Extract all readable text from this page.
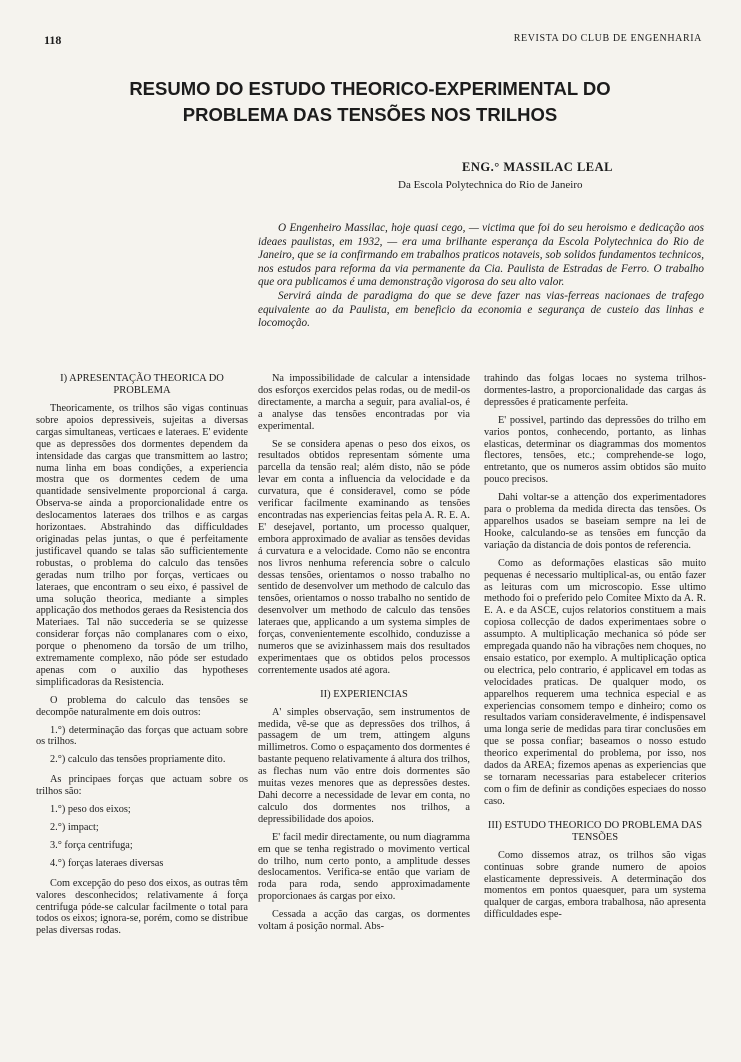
118	REVISTA DO CLUB DE ENGENHARIA
RESUMO DO ESTUDO THEORICO-EXPERIMENTAL DO
PROBLEMA DAS TENSÕES NOS TRILHOS
ENG.° MASSILAC LEAL
Da Escola Polytechnica do Rio de Janeiro

O Engenheiro Massilac, hoje quasi cego, — victima que foi do seu heroismo e dedicação aos ideaes paulistas, em 1932, — era uma brilhante esperança da Escola Polytechnica do Rio de Janeiro, que se ia confirmando em trabalhos praticos notaveis, sob solidos fundamentos technicos, nos estudos para reforma da via permanente da Cia. Paulista de Estradas de Ferro. O trabalho que ora publicamos é uma demonstração vigorosa do seu alto valor.

Servirá ainda de paradigma do que se deve fazer nas vias-ferreas nacionaes de trafego equivalente ao da Paulista, em beneficio da economia e segurança de custeio das linhas e locomoção.

I) APRESENTAÇÃO THEORICA DO PROBLEMA

Theoricamente, os trilhos são vigas continuas sobre apoios depressiveis, sujeitas a diversas cargas simultaneas, verticaes e lateraes. E' evidente que as depressões dos dormentes dependem da intensidade das cargas que transmittem ao lastro; numa linha em boas condições, a experiencia mostra que os dormentes cedem de uma quantidade sensivelmente proporcional á carga. Observa-se ainda a proporcionalidade entre os deslocamentos lateraes dos trilhos e as cargas horizontaes. Abstrahindo das difficuldades originadas pelas juntas, o que é perfeitamente justificavel quando se talas são sufficientemente robustas, o problema do calculo das tensões geradas num trilho por forças, verticaes ou lateraes, que encontram o seu eixo, é passivel de uma solução theorica, mediante a simples applicação dos methodos geraes da Resistencia dos Materiaes. Tal não succederia se se quizesse considerar forças não complanares com o eixo, porque o phenomeno da torsão de um trilho, extremamente complexo, não póde ser estudado apenas com o auxilio das hypotheses simplificadoras da Resistencia.

O problema do calculo das tensões se decompõe naturalmente em dois outros:

1.°) determinação das forças que actuam sobre os trilhos.
2.°) calculo das tensões propriamente dito.

As principaes forças que actuam sobre os trilhos são:

1.°) peso dos eixos;
2.°) impact;
3.° força centrifuga;
4.°) forças lateraes diversas

Com excepção do peso dos eixos, as outras têm valores desconhecidos; relativamente á força centrifuga póde-se calcular facilmente o total para todos os eixos; ignora-se, porém, como se distribue pelas diversas rodas.

Na impossibilidade de calcular a intensidade dos esforços exercidos pelas rodas, ou de medil-os directamente, a marcha a seguir, para avalial-os, é a analyse das tensões encontradas por via experimental.

Se se considera apenas o peso dos eixos, os resultados obtidos representam sómente uma parcella da tensão real; além disto, não se póde levar em conta a influencia da velocidade e da curvatura, que é consideravel, como se póde verificar facilmente examinando as tensões encontradas nas experiencias feitas pela A. R. E. A. E' desejavel, portanto, um processo qualquer, embora approximado de avaliar as tensões devidas á curvatura e a velocidade. Como não se encontra nos livros nenhuma referencia sobre o calculo dessas tensões, orientamos o nosso trabalho no sentido de desenvolver um methodo de calculo das tensões, orientamos o nosso trabalho no sentido de desenvolver um methodo de calculo das tensões lateraes que, applicando a um systema simples de forças, convenientemente escolhido, conduzisse a numeros que se avizinhassem mais dos resultados experimentaes que os obtidos pelos processos correntemente usados até agora.

II) EXPERIENCIAS

A' simples observação, sem instrumentos de medida, vê-se que as depressões dos trilhos, á passagem de um trem, attingem alguns millimetros. Como o espaçamento dos dormentes é bastante pequeno relativamente á altura dos trilhos, as flechas num vão entre dois dormentes são muitas vezes menores que as depressões destes. Dahi decorre a necessidade de levar em conta, no calculo dos dormentes nos trilhos, a depressibilidade dos apoios.

E' facil medir directamente, ou num diagramma em que se tenha registrado o movimento vertical do trilho, num certo ponto, a amplitude desses deslocamentos. Verifica-se então que variam de roda para roda, sendo approximadamente proporcionaes ás cargas por eixo.

Cessada a acção das cargas, os dormentes voltam á posição normal. Abs-

trahindo das folgas locaes no systema trilhos-dormentes-lastro, a proporcionalidade das cargas ás depressões é praticamente perfeita.

E' possivel, partindo das depressões do trilho em varios pontos, conhecendo, portanto, as linhas elasticas, determinar os diagrammas dos momentos flectores, tensões, etc.; comprehende-se logo, entretanto, que os numeros assim obtidos são muito pouco precisos.

Dahi voltar-se a attenção dos experimentadores para o problema da medida directa das tensões. Os apparelhos usados se baseiam sempre na lei de Hooke, calculando-se as tensões em funcção da variação da distancia de dois pontos de referencia.

Como as deformações elasticas são muito pequenas é necessario multiplical-as, ou então fazer as leituras com um microscopio. Esse ultimo methodo foi o preferido pelo Comitee Mixto da A. R. E. A. e da ASCE, cujos relatorios constituem a mais copiosa collecção de dados experimentaes sobre o assumpto. A multiplicação mechanica só póde ser empregada quando não ha vibrações nem choques, no ensaio estatico, por exemplo. A multiplicação optica ou electrica, pelo contrario, é applicavel em todas as velocidades praticas. De qualquer modo, os apparelhos requerem uma technica especial e as experiencias consomem tempo e dinheiro; como os resultados variam consideravelmente, é indispensavel uma longa serie de medidas para tirar conclusões em que se possa confiar; baseamos o nosso estudo theorico experimental do problema, por isso, nos dados da AREA; fizemos apenas as experiencias que se tornaram necessarias para estabelecer criterios com o fim de definir as condições especiaes do nosso caso.

III) ESTUDO THEORICO DO PROBLEMA DAS TENSÕES

Como dissemos atraz, os trilhos são vigas continuas sobre grande numero de apoios elasticamente depressiveis. A determinação dos momentos em pontos quaesquer, para um systema qualquer de cargas, embora trabalhosa, não apresenta difficuldades espe-
